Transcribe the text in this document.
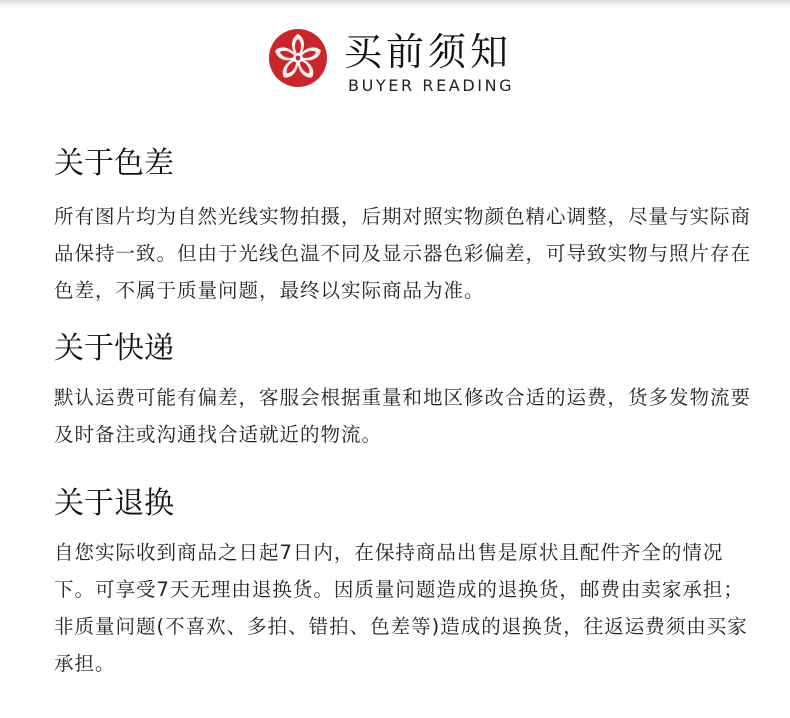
买前须知
BUYER READING
关于色差

所有图片均为自然光线实物拍摄，后期对照实物颜色精心调整，尽量与实际商品保持一致。但由于光线色温不同及显示器色彩偏差，可导致实物与照片存在色差，不属于质量问题，最终以实际商品为准。

关于快递

默认运费可能有偏差，客服会根据重量和地区修改合适的运费，货多发物流要及时备注或沟通找合适就近的物流。

关于退换

自您实际收到商品之日起7日内，在保持商品出售是原状且配件齐全的情况下。可享受7天无理由退换货。因质量问题造成的退换货，邮费由卖家承担；非质量问题(不喜欢、多拍、错拍、色差等)造成的退换货，往返运费须由买家承担。
